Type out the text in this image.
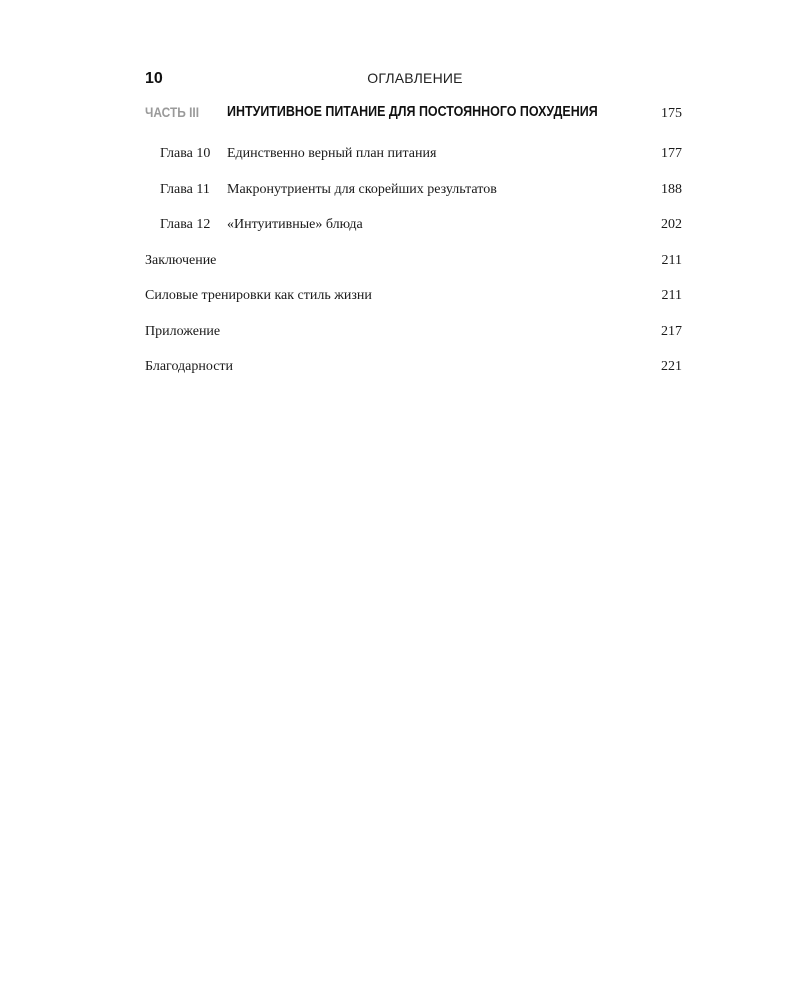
10	ОГЛАВЛЕНИЕ
ЧАСТЬ III ИНТУИТИВНОЕ ПИТАНИЕ ДЛЯ ПОСТОЯННОГО ПОХУДЕНИЯ	175
Глава 10 Единственно верный план питания	177
Глава 11 Макронутриенты для скорейших результатов	188
Глава 12 «Интуитивные» блюда	202
Заключение	211
Силовые тренировки как стиль жизни	211
Приложение	217
Благодарности	221
